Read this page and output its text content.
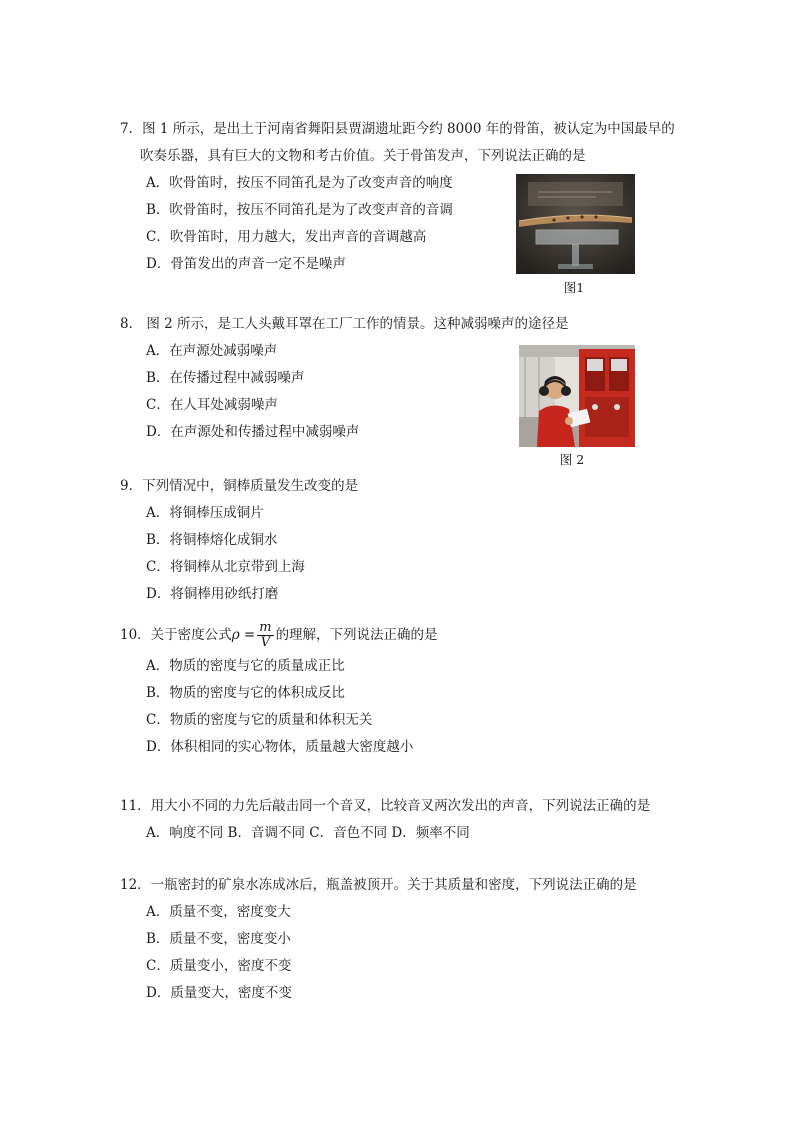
7．图 1 所示，是出土于河南省舞阳县贾湖遗址距今约 8000 年的骨笛，被认定为中国最早的
吹奏乐器，具有巨大的文物和考古价值。关于骨笛发声，下列说法正确的是
A．吹骨笛时，按压不同笛孔是为了改变声音的响度
B．吹骨笛时，按压不同笛孔是为了改变声音的音调
C．吹骨笛时，用力越大，发出声音的音调越高
D．骨笛发出的声音一定不是噪声
图1
8． 图 2 所示，是工人头戴耳罩在工厂工作的情景。这种减弱噪声的途径是
A．在声源处减弱噪声
B．在传播过程中减弱噪声
C．在人耳处减弱噪声
D．在声源处和传播过程中减弱噪声
图 2
9．下列情况中，铜棒质量发生改变的是
A．将铜棒压成铜片
B．将铜棒熔化成铜水
C．将铜棒从北京带到上海
D．将铜棒用砂纸打磨
10．关于密度公式$\rho = \frac{m}{V}$ 的理解，下列说法正确的是
A．物质的密度与它的质量成正比
B．物质的密度与它的体积成反比
C．物质的密度与它的质量和体积无关
D．体积相同的实心物体，质量越大密度越小
11．用大小不同的力先后敲击同一个音叉，比较音叉两次发出的声音，下列说法正确的是
A．响度不同 B．音调不同 C．音色不同 D．频率不同
12．一瓶密封的矿泉水冻成冰后，瓶盖被顶开。关于其质量和密度，下列说法正确的是
A．质量不变，密度变大
B．质量不变，密度变小
C．质量变小，密度不变
D．质量变大，密度不变
